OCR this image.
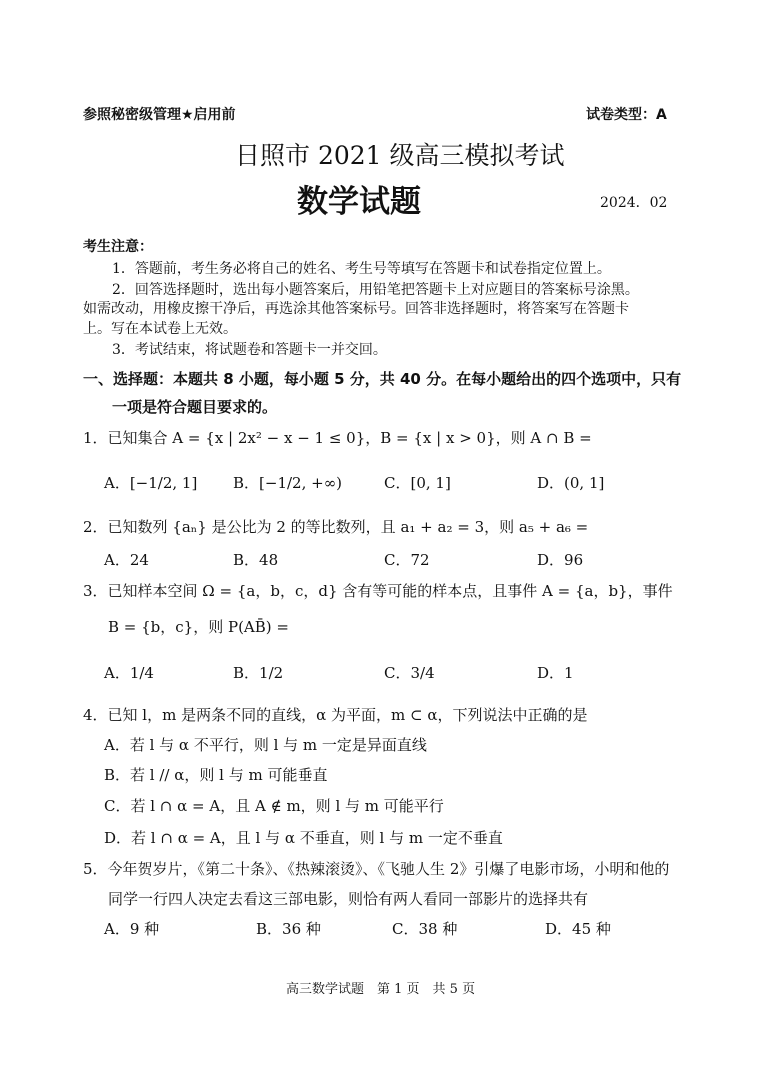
参照秘密级管理★启用前	试卷类型：A
日照市 2021 级高三模拟考试
数学试题	2024．02
考生注意：
1．答题前，考生务必将自己的姓名、考生号等填写在答题卡和试卷指定位置上。
2．回答选择题时，选出每小题答案后，用铅笔把答题卡上对应题目的答案标号涂黑。
如需改动，用橡皮擦干净后，再选涂其他答案标号。回答非选择题时，将答案写在答题卡
上。写在本试卷上无效。
3．考试结束，将试题卷和答题卡一并交回。
一、选择题：本题共 8 小题，每小题 5 分，共 40 分。在每小题给出的四个选项中，只有
一项是符合题目要求的。
1．已知集合 A = {x | 2x² − x − 1 ≤ 0}，B = {x | x > 0}，则 A ∩ B =
A．[−1/2, 1] B．[−1/2, +∞)	C．[0, 1]	D．(0, 1]
2．已知数列 {aₙ} 是公比为 2 的等比数列，且 a₁ + a₂ = 3，则 a₅ + a₆ =
A．24	B．48	C．72	D．96
3．已知样本空间 Ω = {a，b，c，d} 含有等可能的样本点，且事件 A = {a，b}，事件
B = {b，c}，则 P(AB̄) =
A．1/4	B．1/2	C．3/4	D．1
4．已知 l，m 是两条不同的直线，α 为平面，m ⊂ α，下列说法中正确的是
A．若 l 与 α 不平行，则 l 与 m 一定是异面直线
B．若 l // α，则 l 与 m 可能垂直
C．若 l ∩ α = A，且 A ∉ m，则 l 与 m 可能平行
D．若 l ∩ α = A，且 l 与 α 不垂直，则 l 与 m 一定不垂直
5．今年贺岁片，《第二十条》、《热辣滚烫》、《飞驰人生 2》引爆了电影市场，小明和他的
同学一行四人决定去看这三部电影，则恰有两人看同一部影片的选择共有
A．9 种	B．36 种	C．38 种	D．45 种
高三数学试题　第 1 页　共 5 页
